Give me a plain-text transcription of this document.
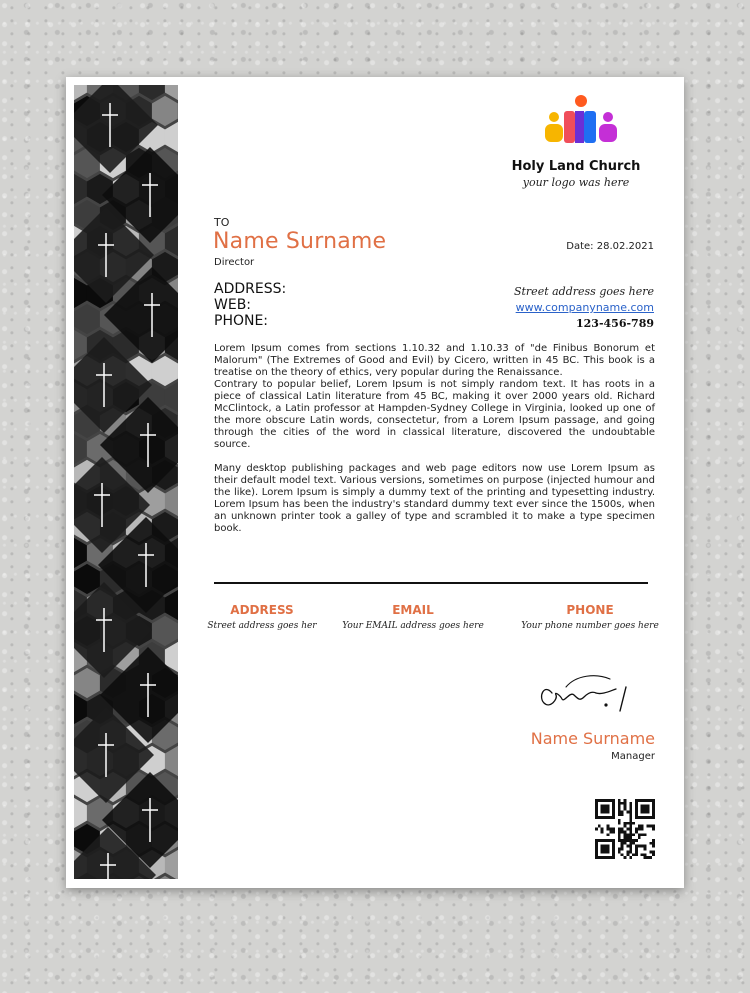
Holy Land Church
your logo was here
TO
Name Surname
Director
Date: 28.02.2021
ADDRESS:
WEB:
PHONE:
Street address goes here
www.companyname.com
123-456-789

Lorem Ipsum comes from sections 1.10.32 and 1.10.33 of "de Finibus Bonorum et Malorum" (The Extremes of Good and Evil) by Cicero, written in 45 BC. This book is a treatise on the theory of ethics, very popular during the Renaissance.

Contrary to popular belief, Lorem Ipsum is not simply random text. It has roots in a piece of classical Latin literature from 45 BC, making it over 2000 years old. Richard McClintock, a Latin professor at Hampden-Sydney College in Virginia, looked up one of the more obscure Latin words, consectetur, from a Lorem Ipsum passage, and going through the cities of the word in classical literature, discovered the undoubtable source.

Many desktop publishing packages and web page editors now use Lorem Ipsum as their default model text. Various versions, sometimes on purpose (injected humour and the like). Lorem Ipsum is simply a dummy text of the printing and typesetting industry. Lorem Ipsum has been the industry's standard dummy text ever since the 1500s, when an unknown printer took a galley of type and scrambled it to make a type specimen book.

ADDRESS
Street address goes her
EMAIL
Your EMAIL address goes here
PHONE
Your phone number goes here
Name Surname
Manager
